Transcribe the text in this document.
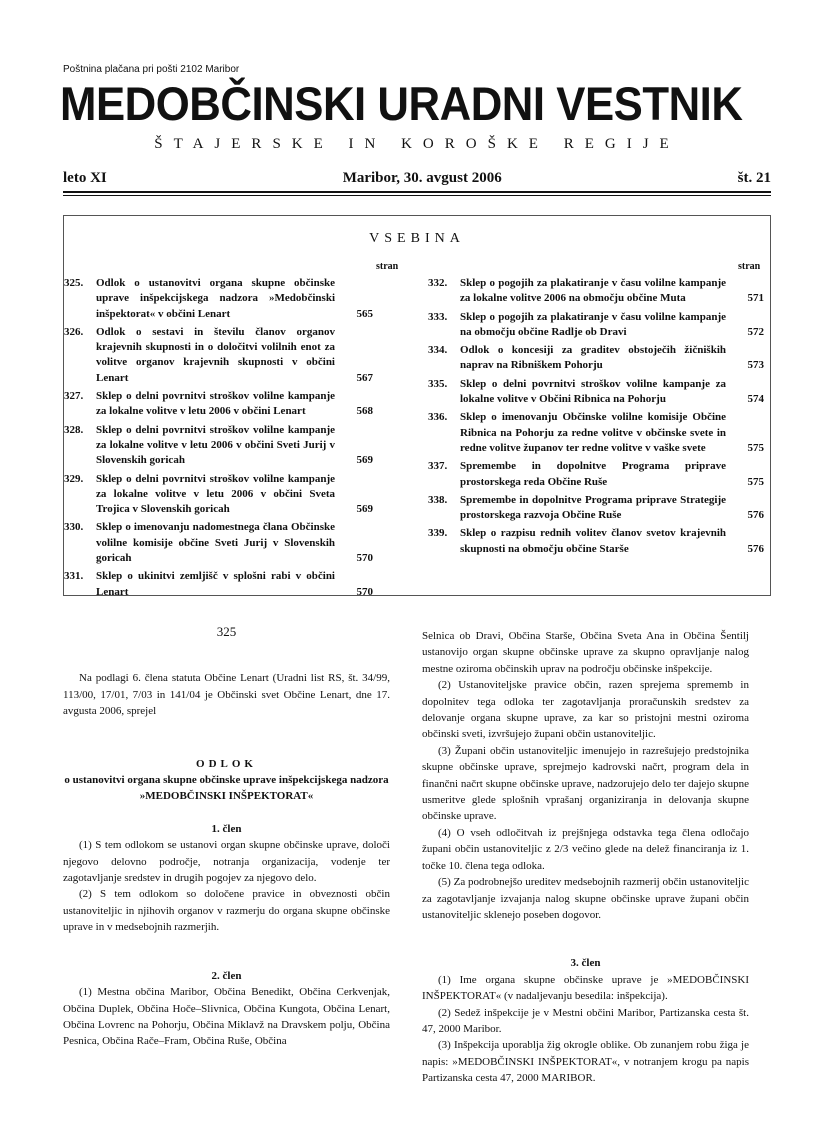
Poštnina plačana pri pošti 2102 Maribor
MEDOBČINSKI URADNI VESTNIK
ŠTAJERSKE IN KOROŠKE REGIJE
leto XI	Maribor, 30. avgust 2006	št. 21
VSEBINA
stran	stran
325.	Odlok o ustanovitvi organa skupne občinske uprave inšpekcijskega nadzora »Medobčinski inšpektorat« v občini Lenart	565
326.	Odlok o sestavi in številu članov organov krajevnih skupnosti in o določitvi volilnih enot za volitve organov krajevnih skupnosti v občini Lenart	567
327.	Sklep o delni povrnitvi stroškov volilne kampanje za lokalne volitve v letu 2006 v občini Lenart	568
328.	Sklep o delni povrnitvi stroškov volilne kampanje za lokalne volitve v letu 2006 v občini Sveti Jurij v Slovenskih goricah	569
329.	Sklep o delni povrnitvi stroškov volilne kampanje za lokalne volitve v letu 2006 v občini Sveta Trojica v Slovenskih goricah	569
330.	Sklep o imenovanju nadomestnega člana Občinske volilne komisije občine Sveti Jurij v Slovenskih goricah	570
331.	Sklep o ukinitvi zemljišč v splošni rabi v občini Lenart	570
332.	Sklep o pogojih za plakatiranje v času volilne kampanje za lokalne volitve 2006 na območju občine Muta	571
333.	Sklep o pogojih za plakatiranje v času volilne kampanje na območju občine Radlje ob Dravi	572
334.	Odlok o koncesiji za graditev obstoječih žičniških naprav na Ribniškem Pohorju	573
335.	Sklep o delni povrnitvi stroškov volilne kampanje za lokalne volitve v Občini Ribnica na Pohorju	574
336.	Sklep o imenovanju Občinske volilne komisije Občine Ribnica na Pohorju za redne volitve v občinske svete in redne volitve županov ter redne volitve v vaške svete	575
337.	Spremembe in dopolnitve Programa priprave prostorskega reda Občine Ruše	575
338.	Spremembe in dopolnitve Programa priprave Strategije prostorskega razvoja Občine Ruše	576
339.	Sklep o razpisu rednih volitev članov svetov krajevnih skupnosti na območju občine Starše	576
325

Na podlagi 6. člena statuta Občine Lenart (Uradni list RS, št. 34/99, 113/00, 17/01, 7/03 in 141/04 je Občinski svet Občine Lenart, dne 17. avgusta 2006, sprejel

ODLOK
o ustanovitvi organa skupne občinske uprave inšpekcijskega nadzora »MEDOBČINSKI INŠPEKTORAT«
1. člen

(1) S tem odlokom se ustanovi organ skupne občinske uprave, določi njegovo delovno področje, notranja organizacija, vodenje ter zagotavljanje sredstev in drugih pogojev za njegovo delo.

(2) S tem odlokom so določene pravice in obveznosti občin ustanoviteljic in njihovih organov v razmerju do organa skupne občinske uprave in v medsebojnih razmerjih.

2. člen

(1) Mestna občina Maribor, Občina Benedikt, Občina Cerkvenjak, Občina Duplek, Občina Hoče–Slivnica, Občina Kungota, Občina Lenart, Občina Lovrenc na Pohorju, Občina Miklavž na Dravskem polju, Občina Pesnica, Občina Rače–Fram, Občina Ruše, Občina

Selnica ob Dravi, Občina Starše, Občina Sveta Ana in Občina Šentilj ustanovijo organ skupne občinske uprave za skupno opravljanje nalog mestne oziroma občinskih uprav na področju občinske inšpekcije.

(2) Ustanoviteljske pravice občin, razen sprejema sprememb in dopolnitev tega odloka ter zagotavljanja proračunskih sredstev za delovanje organa skupne uprave, za kar so pristojni mestni oziroma občinski sveti, izvršujejo župani občin ustanoviteljic.

(3) Župani občin ustanoviteljic imenujejo in razrešujejo predstojnika skupne občinske uprave, sprejmejo kadrovski načrt, program dela in finančni načrt skupne občinske uprave, nadzorujejo delo ter dajejo skupne usmeritve glede splošnih vprašanj organiziranja in delovanja skupne občinske uprave.

(4) O vseh odločitvah iz prejšnjega odstavka tega člena odločajo župani občin ustanoviteljic z 2/3 večino glede na delež financiranja iz 1. točke 10. člena tega odloka.

(5) Za podrobnejšo ureditev medsebojnih razmerij občin ustanoviteljic za zagotavljanje izvajanja nalog skupne občinske uprave župani občin ustanoviteljic sklenejo poseben dogovor.

3. člen

(1) Ime organa skupne občinske uprave je »MEDOBČINSKI INŠPEKTORAT« (v nadaljevanju besedila: inšpekcija).

(2) Sedež inšpekcije je v Mestni občini Maribor, Partizanska cesta št. 47, 2000 Maribor.

(3) Inšpekcija uporablja žig okrogle oblike. Ob zunanjem robu žiga je napis: »MEDOBČINSKI INŠPEKTORAT«, v notranjem krogu pa napis Partizanska cesta 47, 2000 MARIBOR.
